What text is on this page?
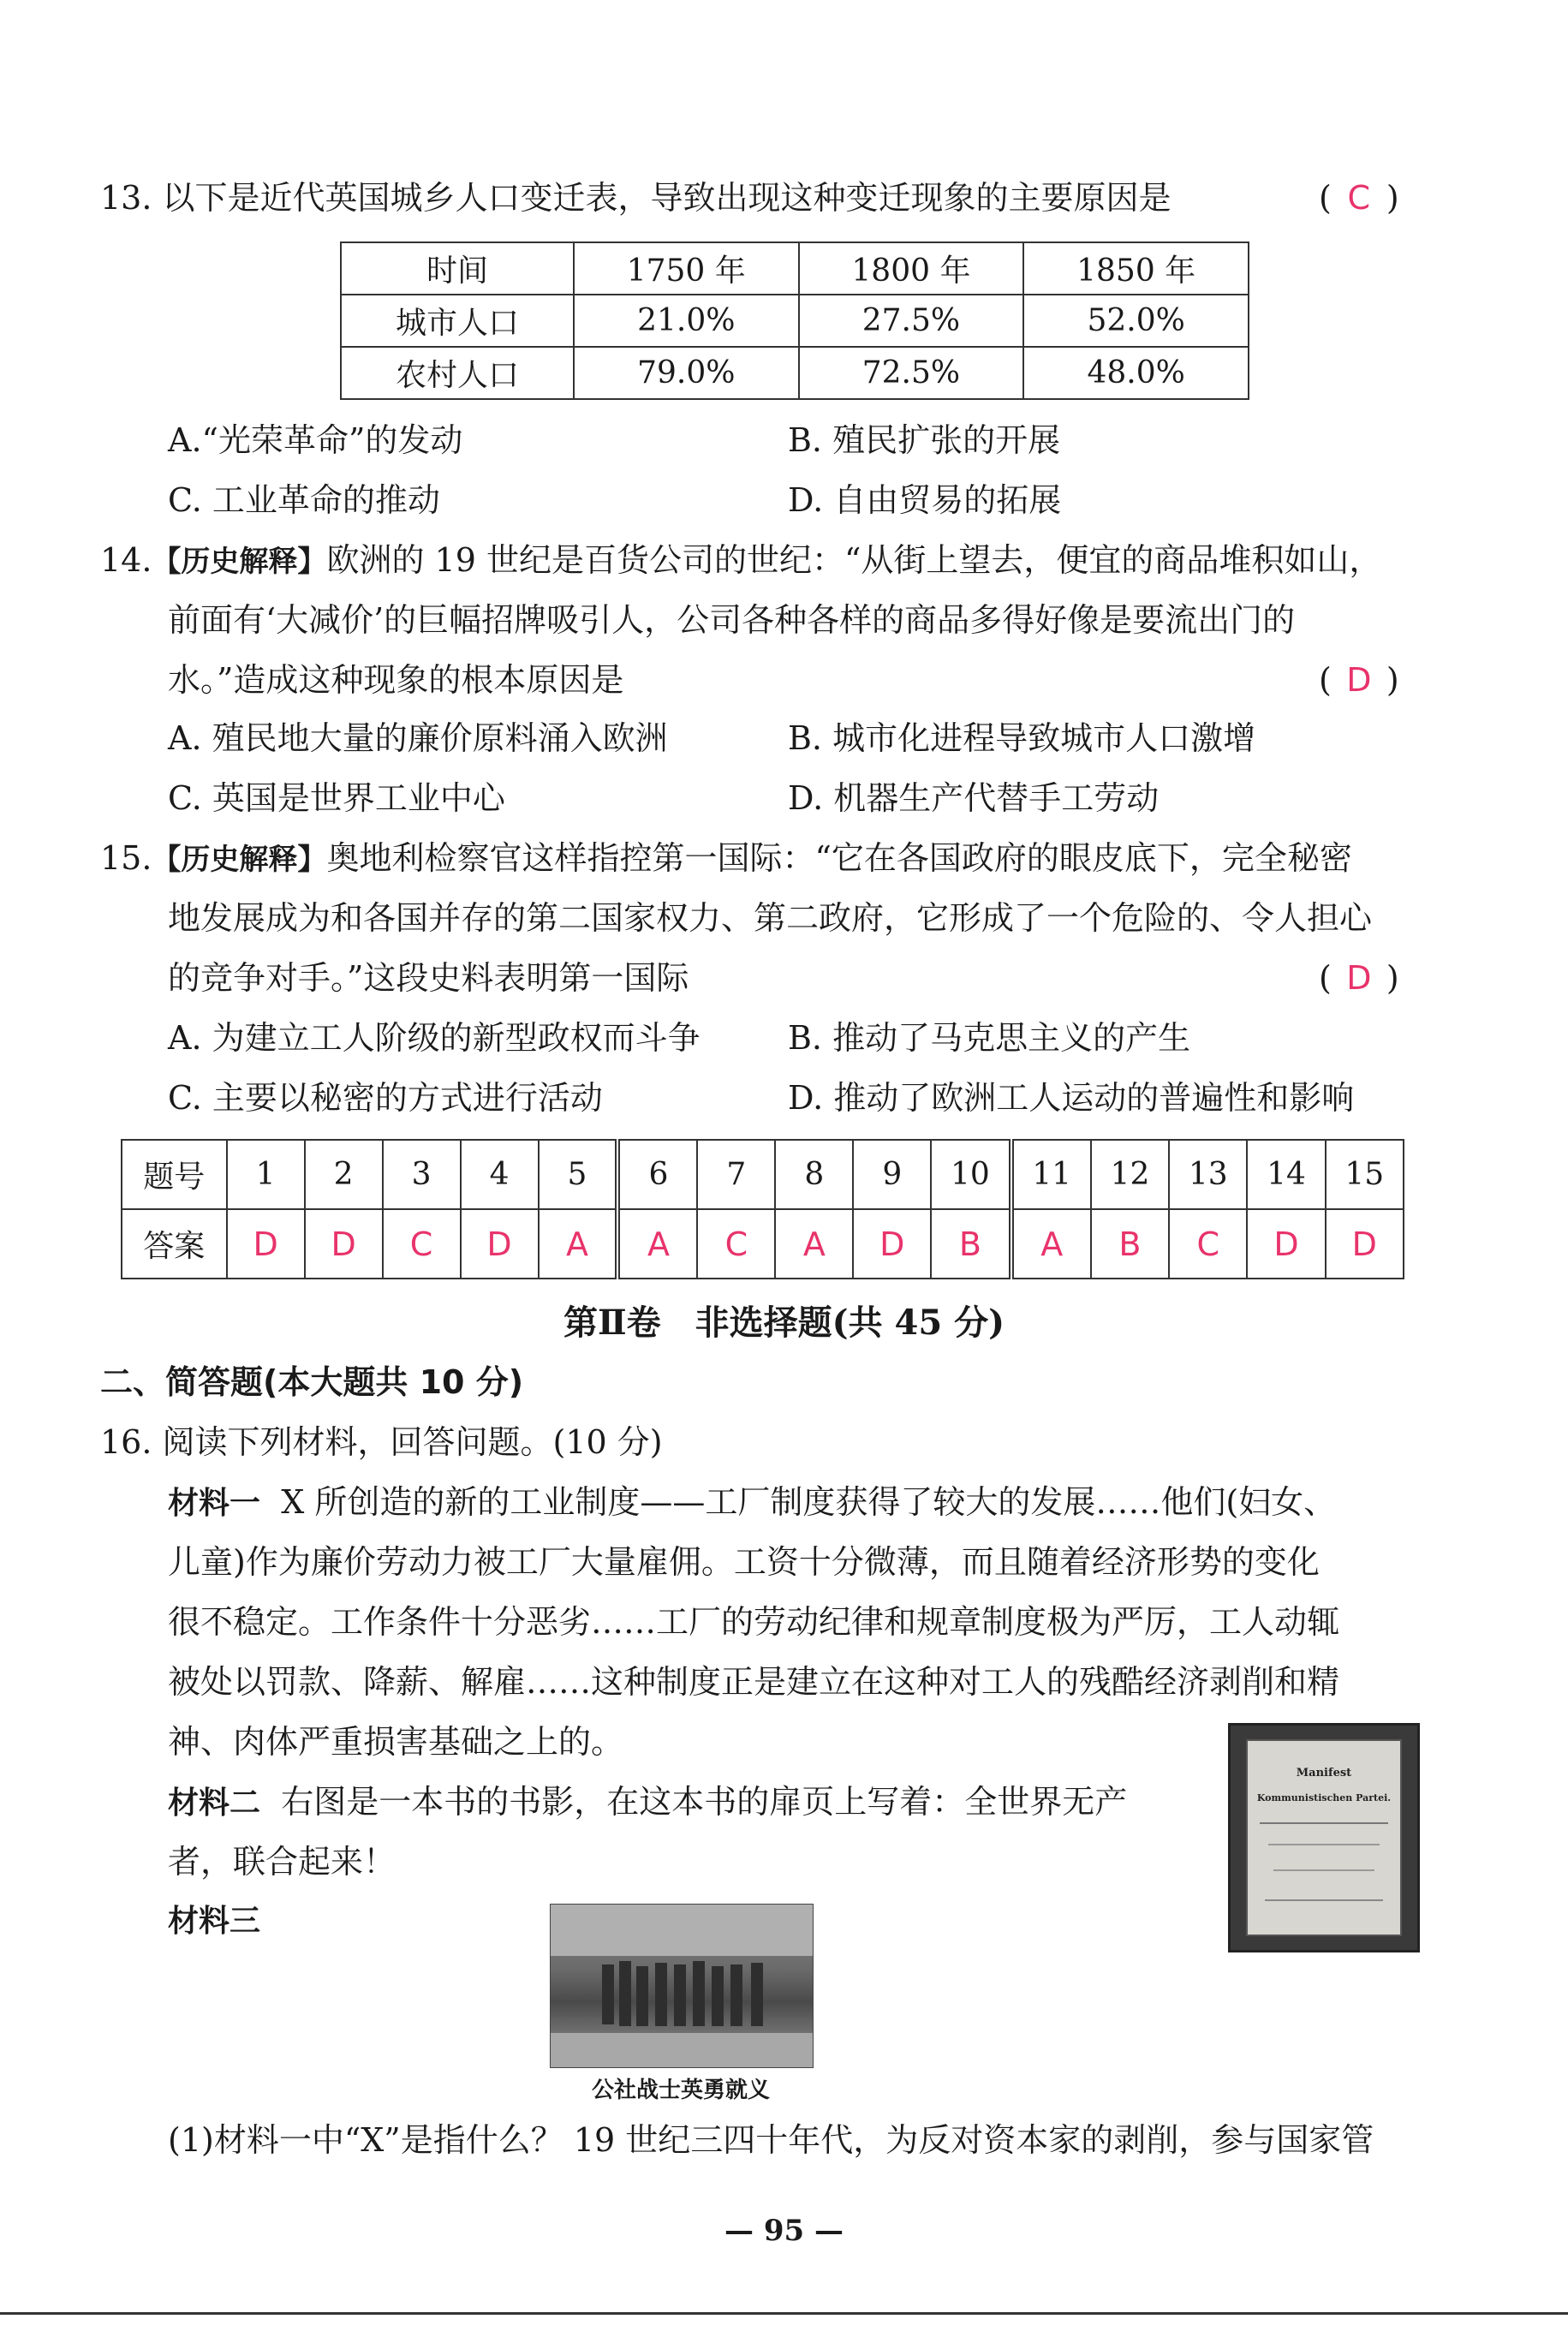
13. 以下是近代英国城乡人口变迁表，导致出现这种变迁现象的主要原因是	( C )
时间	1750 年	1800 年	1850 年
城市人口	21.0%	27.5%	52.0%
农村人口	79.0%	72.5%	48.0%
A.“光荣革命”的发动	B. 殖民扩张的开展
C. 工业革命的推动	D. 自由贸易的拓展
14.【历史解释】欧洲的 19 世纪是百货公司的世纪：“从街上望去，便宜的商品堆积如山，
前面有‘大减价’的巨幅招牌吸引人，公司各种各样的商品多得好像是要流出门的
水。”造成这种现象的根本原因是	( D )
A. 殖民地大量的廉价原料涌入欧洲	B. 城市化进程导致城市人口激增
C. 英国是世界工业中心	D. 机器生产代替手工劳动
15.【历史解释】奥地利检察官这样指控第一国际：“它在各国政府的眼皮底下，完全秘密
地发展成为和各国并存的第二国家权力、第二政府，它形成了一个危险的、令人担心
的竞争对手。”这段史料表明第一国际	( D )
A. 为建立工人阶级的新型政权而斗争	B. 推动了马克思主义的产生
C. 主要以秘密的方式进行活动	D. 推动了欧洲工人运动的普遍性和影响
题号	1	2	3	4	5	6	7	8	9	10	11	12	13	14	15
答案	D	D	C	D	A	A	C	A	D	B	A	B	C	D	D
第Ⅱ卷　非选择题(共 45 分)
二、简答题(本大题共 10 分)
16. 阅读下列材料，回答问题。(10 分)
材料一 X 所创造的新的工业制度——工厂制度获得了较大的发展……他们(妇女、
儿童)作为廉价劳动力被工厂大量雇佣。工资十分微薄，而且随着经济形势的变化
很不稳定。工作条件十分恶劣……工厂的劳动纪律和规章制度极为严厉，工人动辄
被处以罚款、降薪、解雇……这种制度正是建立在这种对工人的残酷经济剥削和精
神、肉体严重损害基础之上的。
材料二 右图是一本书的书影，在这本书的扉页上写着：全世界无产
者，联合起来！
材料三
Manifest
Kommunistischen Partei.
公社战士英勇就义
(1)材料一中“X”是指什么？ 19 世纪三四十年代，为反对资本家的剥削，参与国家管
— 95 —
